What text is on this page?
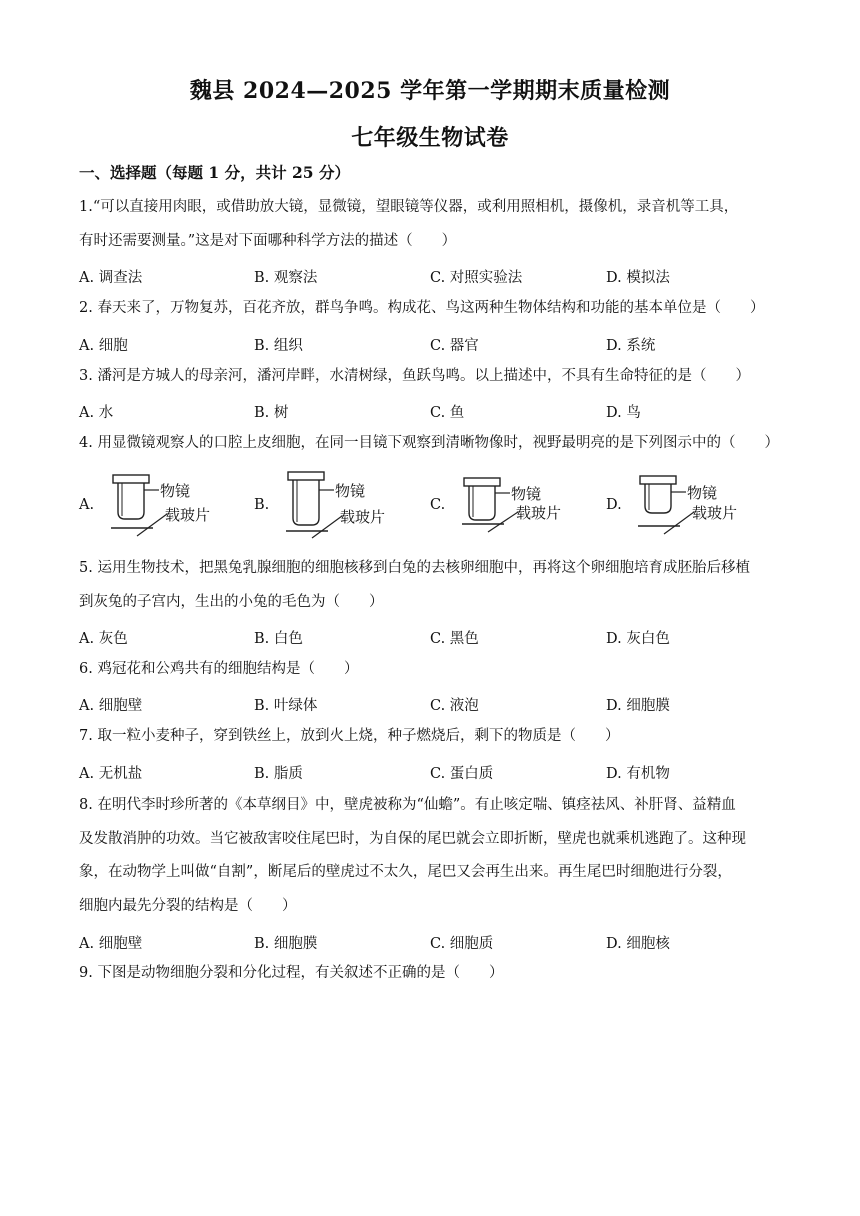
魏县 2024—2025 学年第一学期期末质量检测
七年级生物试卷
一、选择题（每题 1 分，共计 25 分）
1.“可以直接用肉眼，或借助放大镜，显微镜，望眼镜等仪器，或利用照相机，摄像机，录音机等工具，
有时还需要测量。”这是对下面哪种科学方法的描述（　　）
A. 调查法	B. 观察法	C. 对照实验法	D. 模拟法
2. 春天来了，万物复苏，百花齐放，群鸟争鸣。构成花、鸟这两种生物体结构和功能的基本单位是（　　）
A. 细胞	B. 组织	C. 器官	D. 系统
3. 潘河是方城人的母亲河，潘河岸畔，水清树绿，鱼跃鸟鸣。以上描述中，不具有生命特征的是（　　）
A. 水	B. 树	C. 鱼	D. 鸟
4. 用显微镜观察人的口腔上皮细胞，在同一目镜下观察到清晰物像时，视野最明亮的是下列图示中的（　　）
A.
物镜
载玻片
B.
物镜
载玻片
C.
物镜
载玻片	D.
物镜
载玻片
5. 运用生物技术，把黑兔乳腺细胞的细胞核移到白兔的去核卵细胞中，再将这个卵细胞培育成胚胎后移植
到灰兔的子宫内，生出的小兔的毛色为（　　）
A. 灰色	B. 白色	C. 黑色	D. 灰白色
6. 鸡冠花和公鸡共有的细胞结构是（　　）
A. 细胞壁	B. 叶绿体	C. 液泡	D. 细胞膜
7. 取一粒小麦种子，穿到铁丝上，放到火上烧，种子燃烧后，剩下的物质是（　　）
A. 无机盐	B. 脂质	C. 蛋白质	D. 有机物
8. 在明代李时珍所著的《本草纲目》中，壁虎被称为“仙蟾”。有止咳定喘、镇痉祛风、补肝肾、益精血
及发散消肿的功效。当它被敌害咬住尾巴时，为自保的尾巴就会立即折断，壁虎也就乘机逃跑了。这种现
象，在动物学上叫做“自割”，断尾后的壁虎过不太久，尾巴又会再生出来。再生尾巴时细胞进行分裂，
细胞内最先分裂的结构是（　　）
A. 细胞壁	B. 细胞膜	C. 细胞质	D. 细胞核
9. 下图是动物细胞分裂和分化过程，有关叙述不正确的是（　　）
